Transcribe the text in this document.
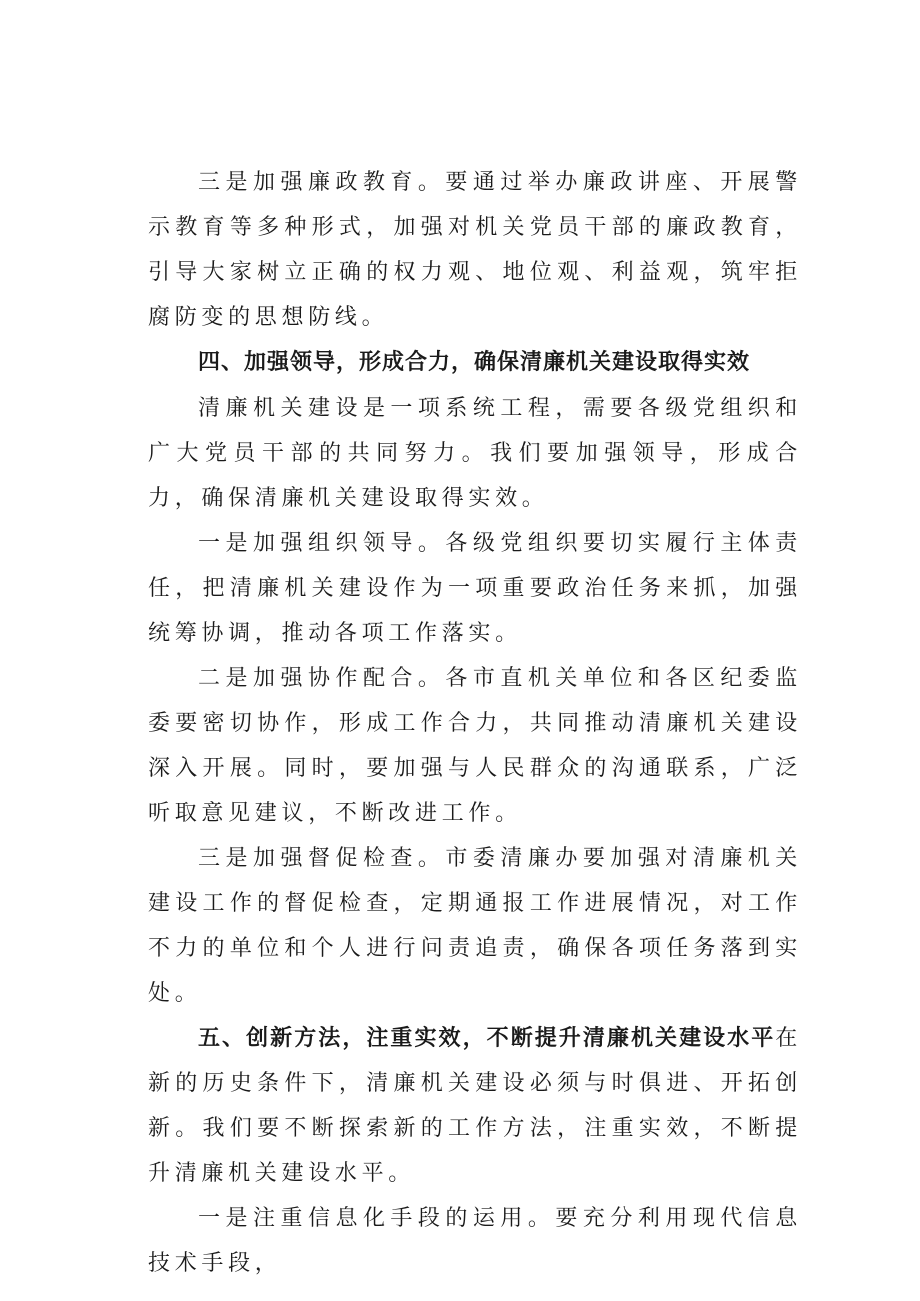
三是加强廉政教育。要通过举办廉政讲座、开展警示教育等多种形式，加强对机关党员干部的廉政教育，引导大家树立正确的权力观、地位观、利益观，筑牢拒腐防变的思想防线。

四、加强领导，形成合力，确保清廉机关建设取得实效

清廉机关建设是一项系统工程，需要各级党组织和广大党员干部的共同努力。我们要加强领导，形成合力，确保清廉机关建设取得实效。

一是加强组织领导。各级党组织要切实履行主体责任，把清廉机关建设作为一项重要政治任务来抓，加强统筹协调，推动各项工作落实。

二是加强协作配合。各市直机关单位和各区纪委监委要密切协作，形成工作合力，共同推动清廉机关建设深入开展。同时，要加强与人民群众的沟通联系，广泛听取意见建议，不断改进工作。

三是加强督促检查。市委清廉办要加强对清廉机关建设工作的督促检查，定期通报工作进展情况，对工作不力的单位和个人进行问责追责，确保各项任务落到实处。

五、创新方法，注重实效，不断提升清廉机关建设水平在新的历史条件下，清廉机关建设必须与时俱进、开拓创新。我们要不断探索新的工作方法，注重实效，不断提升清廉机关建设水平。

一是注重信息化手段的运用。要充分利用现代信息技术手段，
